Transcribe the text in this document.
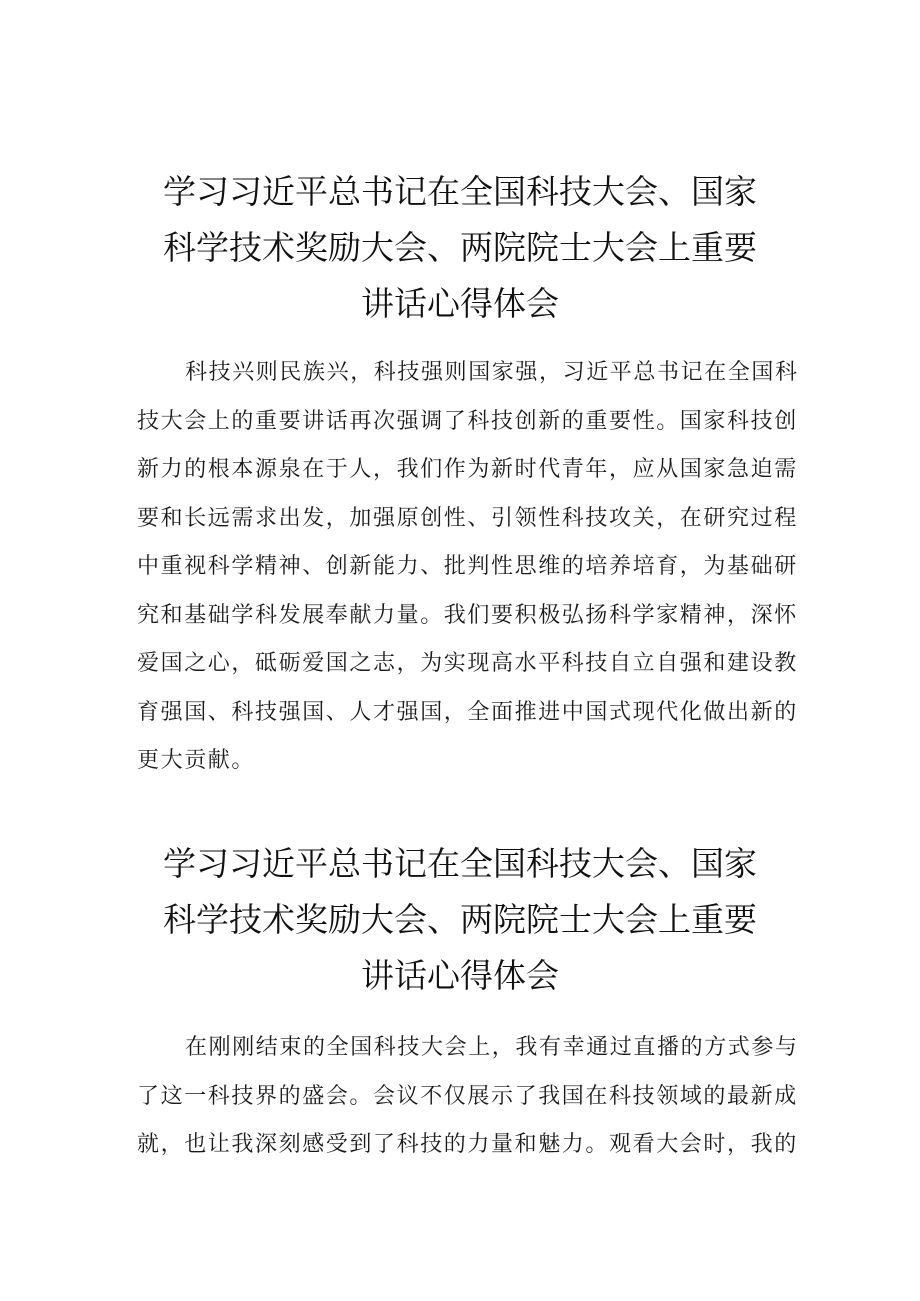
学习习近平总书记在全国科技大会、国家
科学技术奖励大会、两院院士大会上重要
讲话心得体会
科技兴则民族兴，科技强则国家强，习近平总书记在全国科
技大会上的重要讲话再次强调了科技创新的重要性。国家科技创
新力的根本源泉在于人，我们作为新时代青年，应从国家急迫需
要和长远需求出发，加强原创性、引领性科技攻关，在研究过程
中重视科学精神、创新能力、批判性思维的培养培育，为基础研
究和基础学科发展奉献力量。我们要积极弘扬科学家精神，深怀
爱国之心，砥砺爱国之志，为实现高水平科技自立自强和建设教
育强国、科技强国、人才强国，全面推进中国式现代化做出新的
更大贡献。
学习习近平总书记在全国科技大会、国家
科学技术奖励大会、两院院士大会上重要
讲话心得体会
在刚刚结束的全国科技大会上，我有幸通过直播的方式参与
了这一科技界的盛会。会议不仅展示了我国在科技领域的最新成
就，也让我深刻感受到了科技的力量和魅力。观看大会时，我的
